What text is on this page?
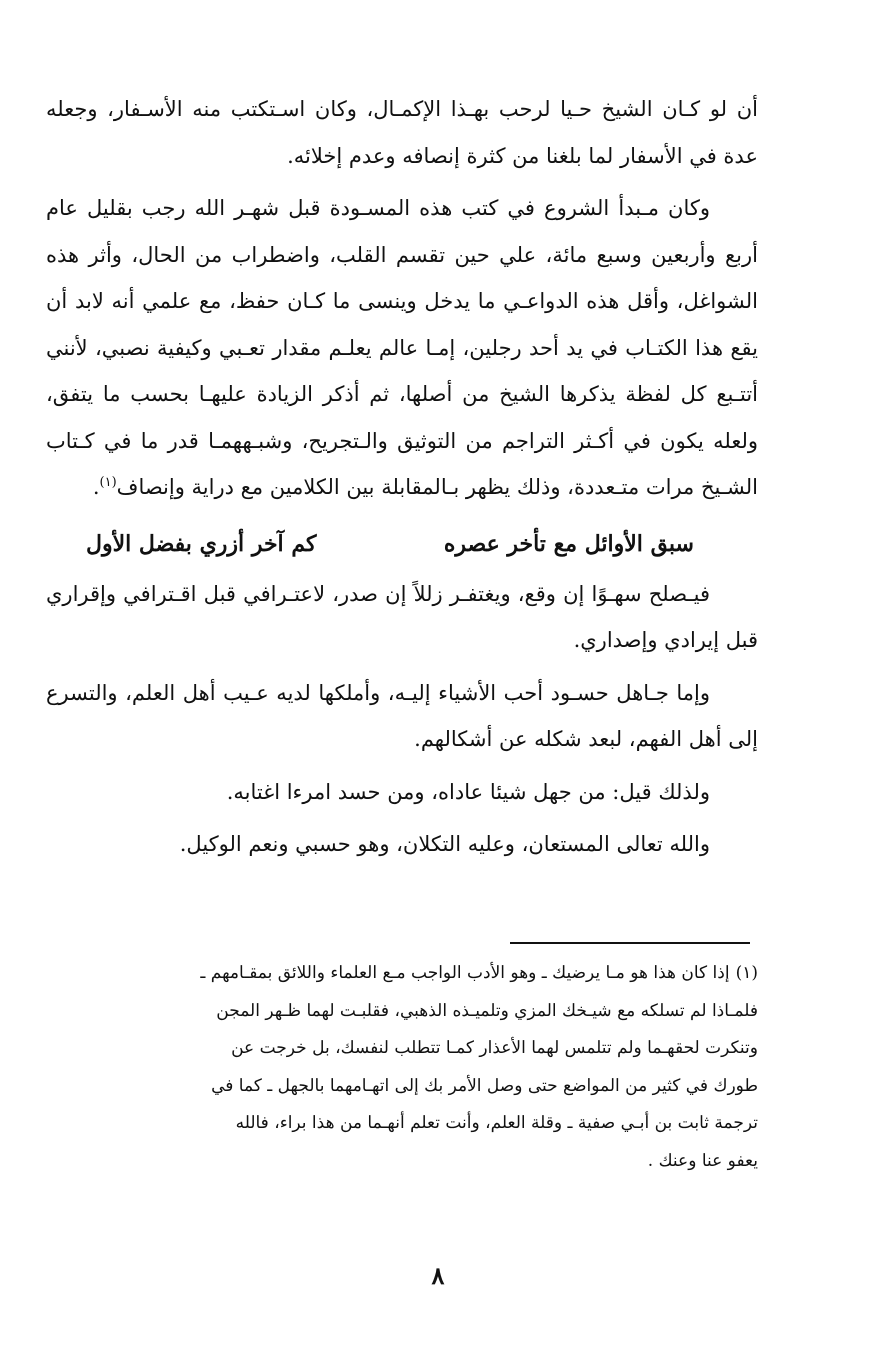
أن لو كـان الشيخ حـيا لرحب بهـذا الإكمـال، وكان اسـتكتب منه الأسـفار، وجعله عدة في الأسفار لما بلغنا من كثرة إنصافه وعدم إخلائه.

وكان مـبدأ الشروع في كتب هذه المسـودة قبل شهـر الله رجب بقليل عام أربع وأربعين وسبع مائة، علي حين تقسم القلب، واضطراب من الحال، وأثر هذه الشواغل، وأقل هذه الدواعـي ما يدخل وينسى ما كـان حفظ، مع علمي أنه لابد أن يقع هذا الكتـاب في يد أحد رجلين، إمـا عالم يعلـم مقدار تعـبي وكيفية نصبي، لأنني أتتـبع كل لفظة يذكرها الشيخ من أصلها، ثم أذكر الزيادة عليهـا بحسب ما يتفق، ولعله يكون في أكـثر التراجم من التوثيق والـتجريح، وشبـههمـا قدر ما في كـتاب الشـيخ مرات متـعددة، وذلك يظهر بـالمقابلة بين الكلامين مع دراية وإنصاف$^{(١)}$.

سبق الأوائل مع تأخر عصره
كم آخر أزري بفضل الأول

فيـصلح سهـوًا إن وقع، ويغتفـر زللاً إن صدر، لاعتـرافي قبل اقـترافي وإقراري قبل إيرادي وإصداري.

وإما جـاهل حسـود أحب الأشياء إليـه، وأملكها لديه عـيب أهل العلم، والتسرع إلى أهل الفهم، لبعد شكله عن أشكالهم.

ولذلك قيل: من جهل شيئا عاداه، ومن حسد امرءا اغتابه.

والله تعالى المستعان، وعليه التكلان، وهو حسبي ونعم الوكيل.

(١)إذا كان هذا هو مـا يرضيك ـ وهو الأدب الواجب مـع العلماء واللائق بمقـامهم ـ

فلمـاذا لم تسلكه مع شيـخك المزي وتلميـذه الذهبي، فقلبـت لهما ظـهر المجن

وتنكرت لحقهـما ولم تتلمس لهما الأعذار كمـا تتطلب لنفسك، بل خرجت عن

طورك في كثير من المواضع حتى وصل الأمر بك إلى اتهـامهما بالجهل ـ كما في

ترجمة ثابت بن أبـي صفية ـ وقلة العلم، وأنت تعلم أنهـما من هذا براء، فالله

يعفو عنا وعنك .

٨
